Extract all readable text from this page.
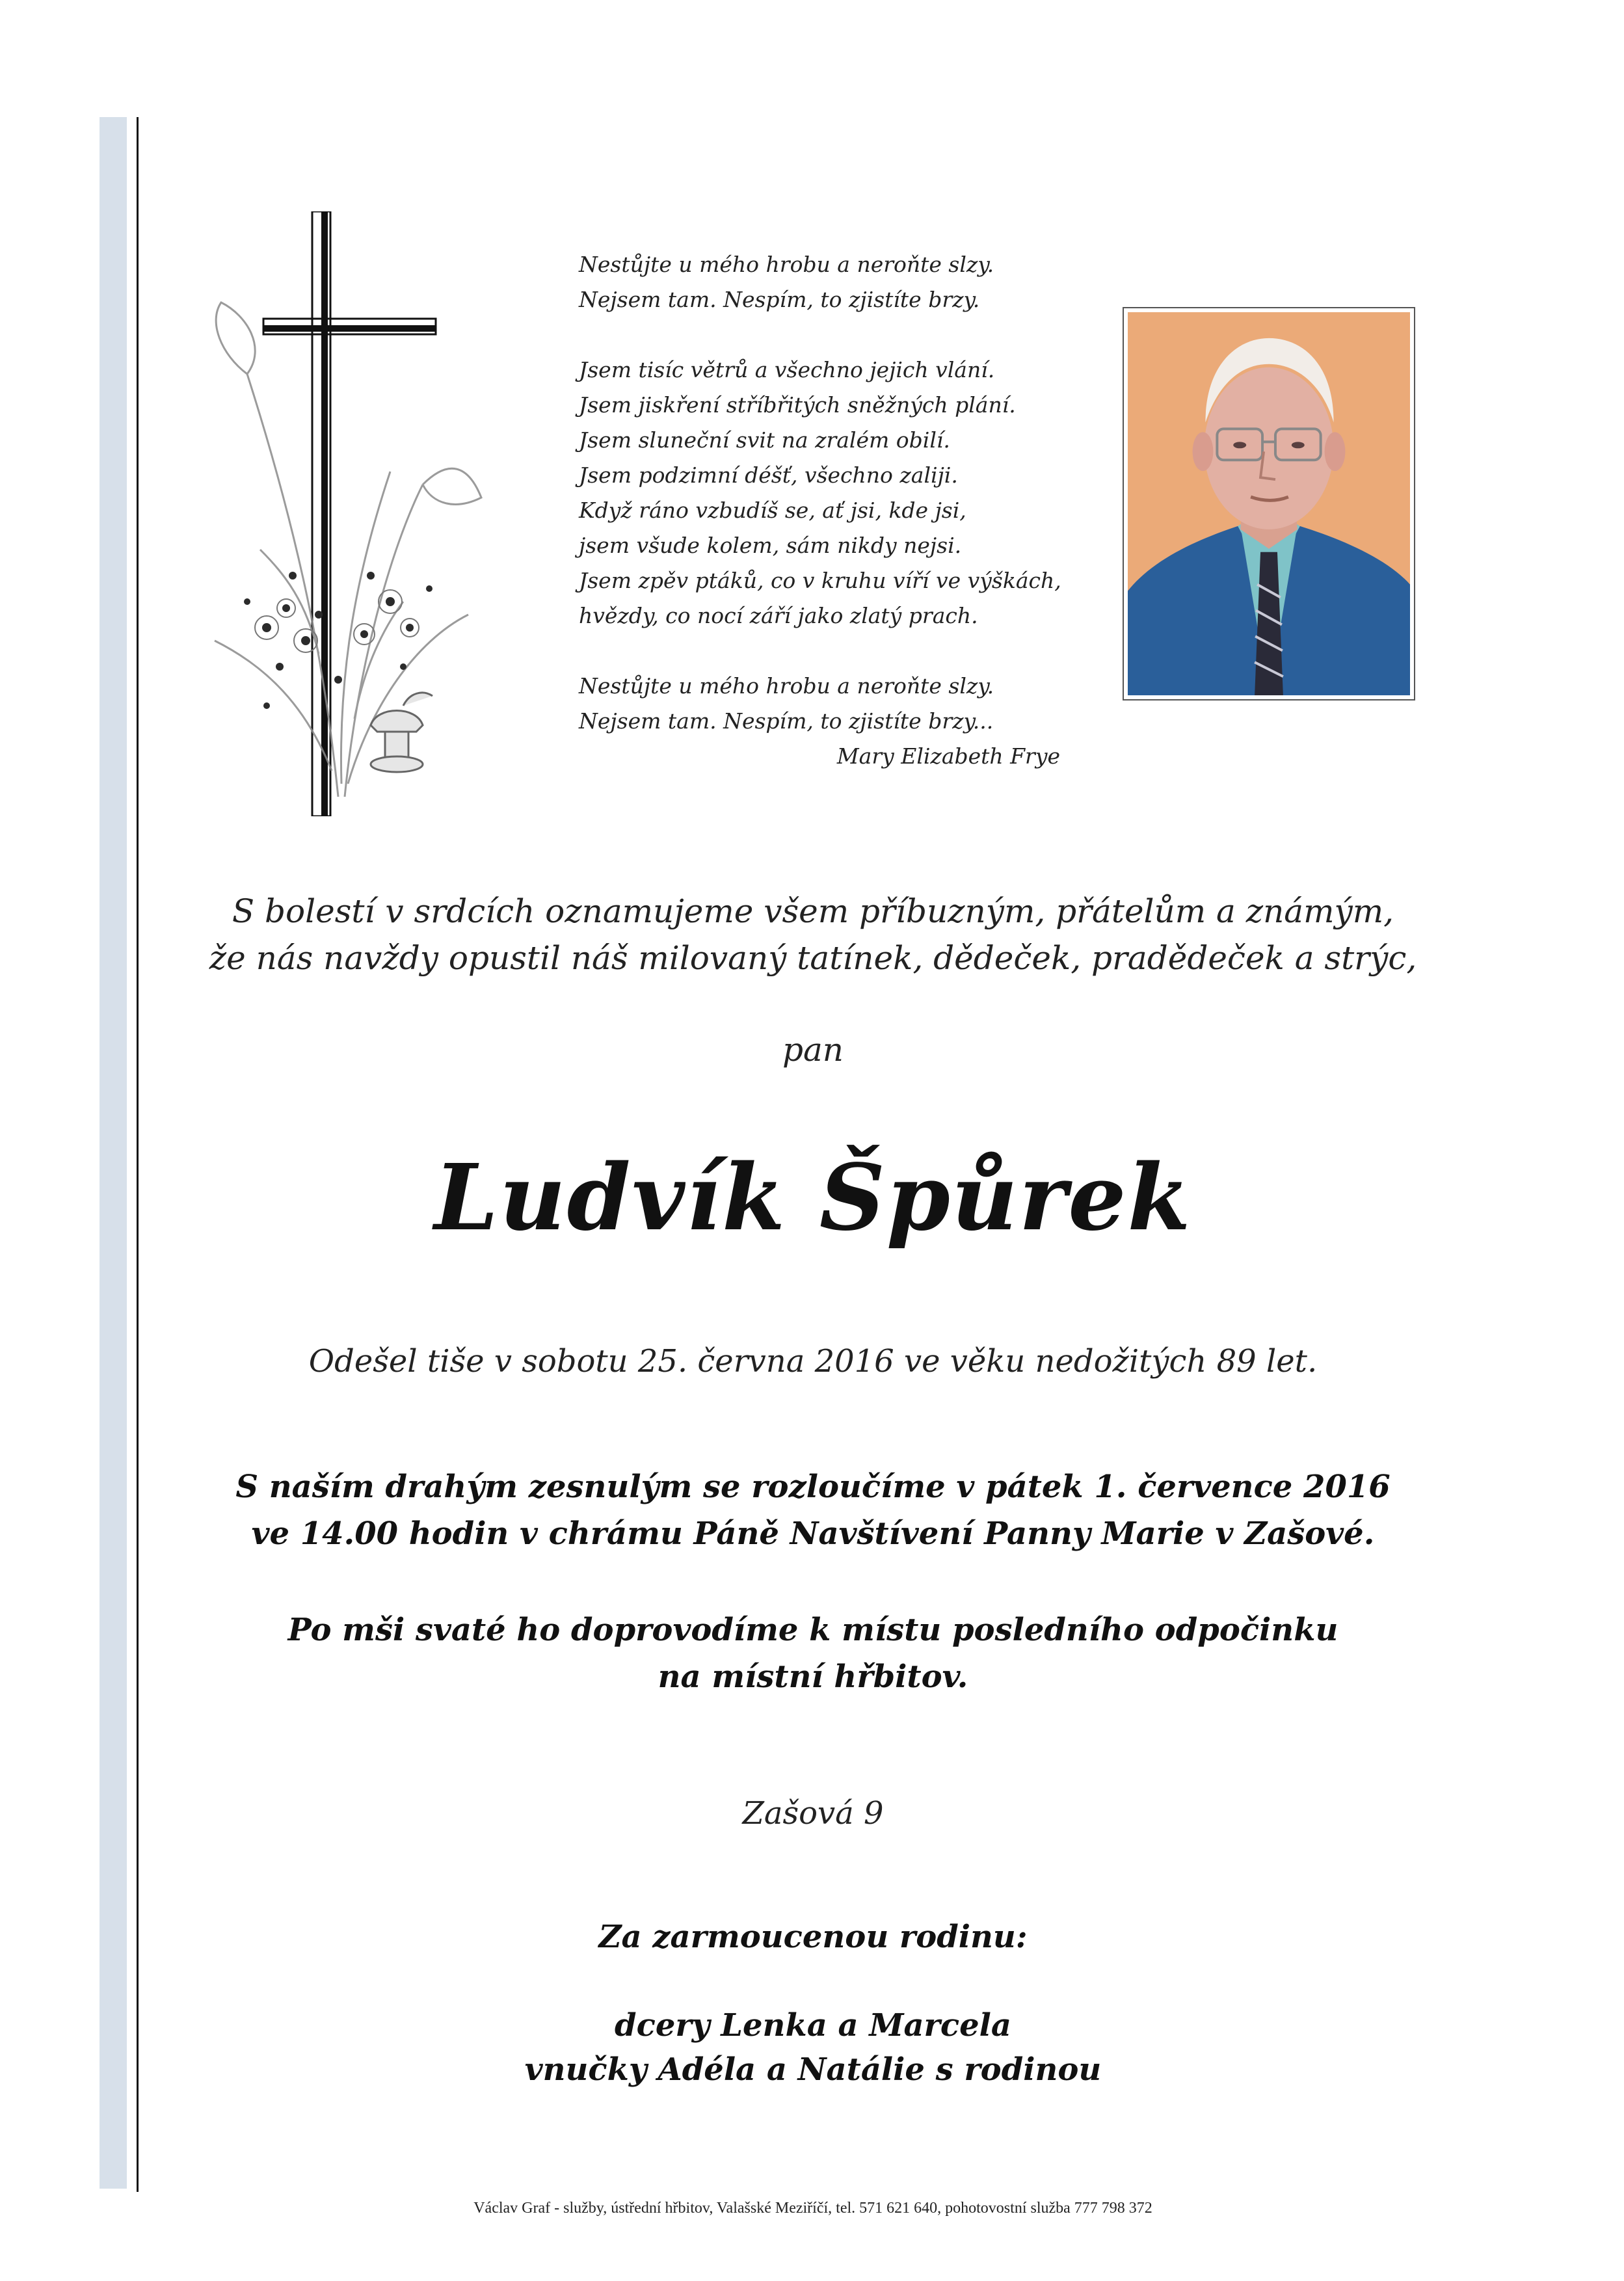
Nestůjte u mého hrobu a neroňte slzy.
Nejsem tam. Nespím, to zjistíte brzy.
Jsem tisíc větrů a všechno jejich vlání.
Jsem jiskření stříbřitých sněžných plání.
Jsem sluneční svit na zralém obilí.
Jsem podzimní déšť, všechno zaliji.
Když ráno vzbudíš se, ať jsi, kde jsi,
jsem všude kolem, sám nikdy nejsi.
Jsem zpěv ptáků, co v kruhu víří ve výškách,
hvězdy, co nocí září jako zlatý prach.
Nestůjte u mého hrobu a neroňte slzy.
Nejsem tam. Nespím, to zjistíte brzy...
Mary Elizabeth Frye
S bolestí v srdcích oznamujeme všem příbuzným, přátelům a známým,
že nás navždy opustil náš milovaný tatínek, dědeček, pradědeček a strýc,
pan
Ludvík Špůrek
Odešel tiše v sobotu 25. června 2016 ve věku nedožitých 89 let.
S naším drahým zesnulým se rozloučíme v pátek 1. července 2016
ve 14.00 hodin v chrámu Páně Navštívení Panny Marie v Zašové.
Po mši svaté ho doprovodíme k místu posledního odpočinku
na místní hřbitov.
Zašová 9
Za zarmoucenou rodinu:
dcery Lenka a Marcela
vnučky Adéla a Natálie s rodinou
Václav Graf - služby, ústřední hřbitov, Valašské Meziříčí, tel. 571 621 640, pohotovostní služba 777 798 372
